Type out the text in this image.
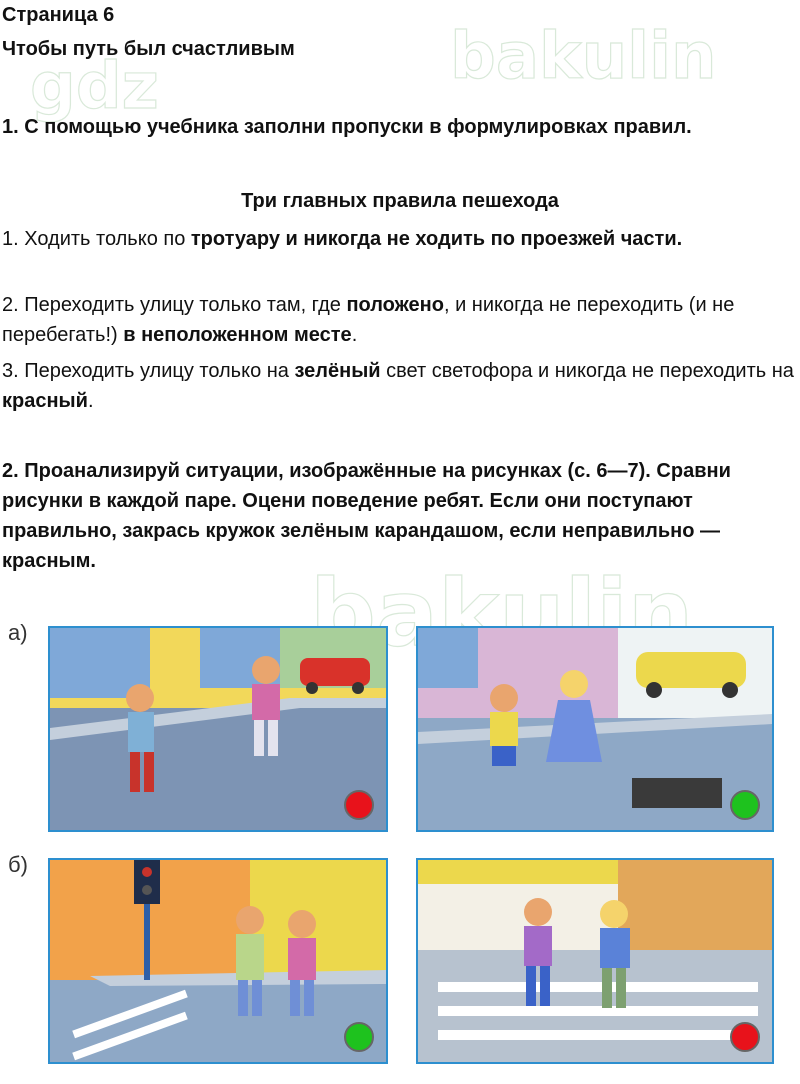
bakulin
gdz
bakulin

Страница 6

Чтобы путь был счастливым

1. С помощью учебника заполни пропуски в формулировках правил.

Три главных правила пешехода

1. Ходить только по тротуару и никогда не ходить по проезжей части.

2. Переходить улицу только там, где положено, и никогда не переходить (и не перебегать!) в неположенном месте.

3. Переходить улицу только на зелёный свет светофора и никогда не переходить на красный.

2. Проанализируй ситуации, изображённые на рисунках (с. 6—7). Сравни рисунки в каждой паре. Оцени поведение ребят. Если они поступают правильно, закрась кружок зелёным карандашом, если неправильно — красным.

а)
б)
